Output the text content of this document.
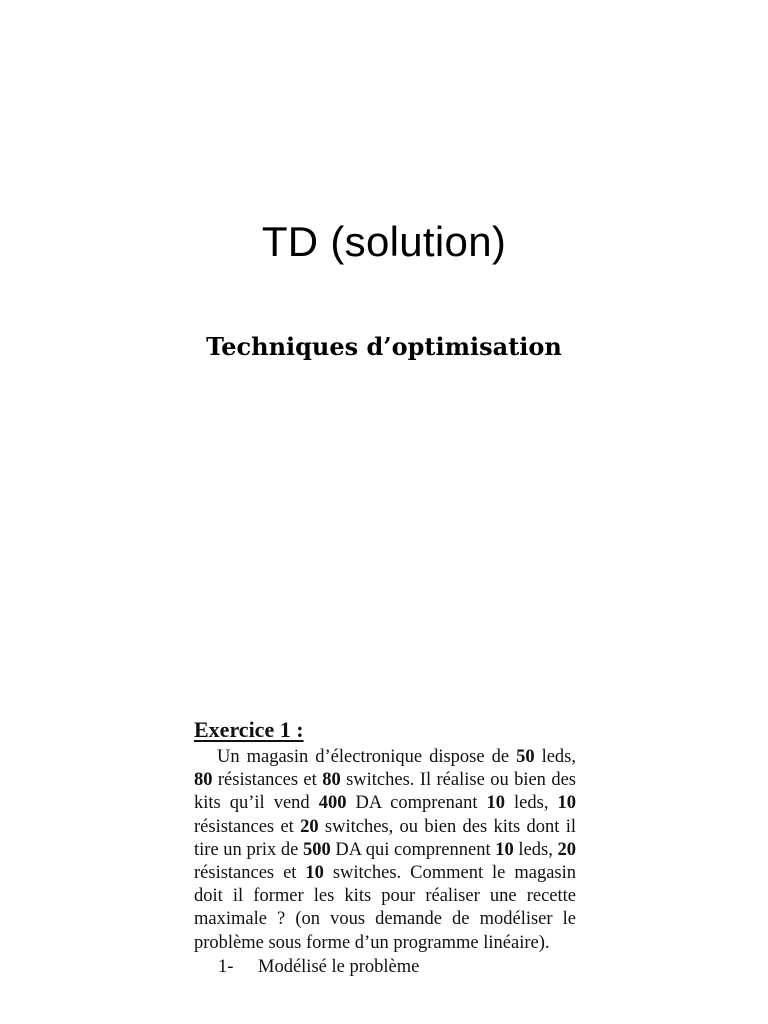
TD (solution)
Techniques d’optimisation
Exercice 1 :

Un magasin d’électronique dispose de 50 leds, 80 résistances et 80 switches. Il réalise ou bien des kits qu’il vend 400 DA comprenant 10 leds, 10 résistances et 20 switches, ou bien des kits dont il tire un prix de 500 DA qui comprennent 10 leds, 20 résistances et 10 switches. Comment le magasin doit il former les kits pour réaliser une recette maximale ? (on vous demande de modéliser le problème sous forme d’un programme linéaire).

1-	Modélisé le problème
